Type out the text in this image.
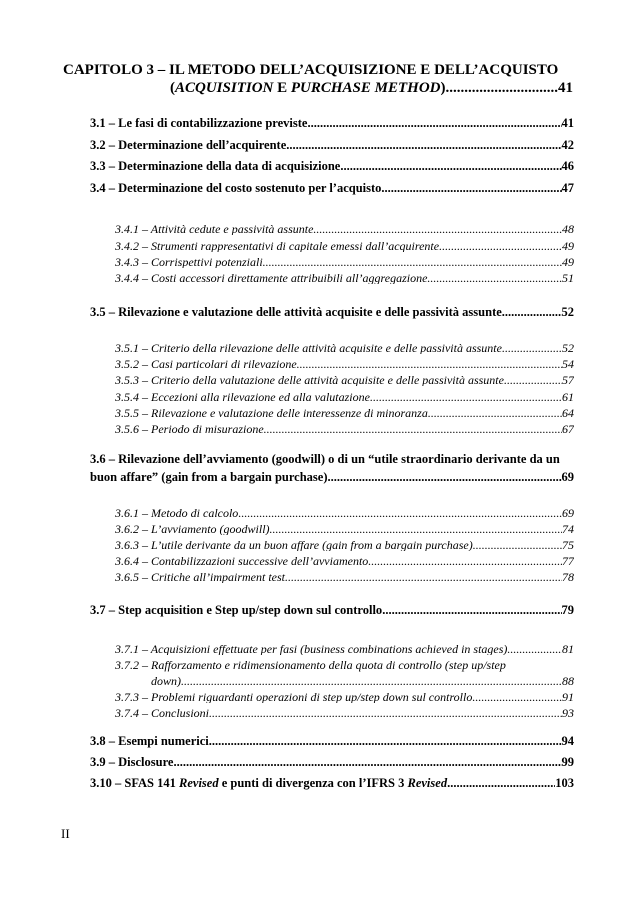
CAPITOLO 3 – IL METODO DELL’ACQUISIZIONE E DELL’ACQUISTO
(ACQUISITION E PURCHASE METHOD) .....	41
3.1 – Le fasi di contabilizzazione previste .....	41
3.2 – Determinazione dell’acquirente .....	42
3.3 – Determinazione della data di acquisizione .....	46
3.4 – Determinazione del costo sostenuto per l’acquisto .....	47
3.4.1 – Attività cedute e passività assunte .....	48
3.4.2 – Strumenti rappresentativi di capitale emessi dall’acquirente .....	49
3.4.3 – Corrispettivi potenziali .....	49
3.4.4 – Costi accessori direttamente attribuibili all’aggregazione .....	51
3.5 – Rilevazione e valutazione delle attività acquisite e delle passività assunte .....	52
3.5.1 – Criterio della rilevazione delle attività acquisite e delle passività assunte .....	52
3.5.2 – Casi particolari di rilevazione .....	54
3.5.3 – Criterio della valutazione delle attività acquisite e delle passività assunte .....	57
3.5.4 – Eccezioni alla rilevazione ed alla valutazione .....	61
3.5.5 – Rilevazione e valutazione delle interessenze di minoranza .....	64
3.5.6 – Periodo di misurazione .....	67
3.6 – Rilevazione dell’avviamento (goodwill) o di un “utile straordinario derivante da un
buon affare” (gain from a bargain purchase) .....	69
3.6.1 – Metodo di calcolo .....	69
3.6.2 – L’avviamento (goodwill) .....	74
3.6.3 – L’utile derivante da un buon affare (gain from a bargain purchase) .....	75
3.6.4 – Contabilizzazioni successive dell’avviamento .....	77
3.6.5 – Critiche all’impairment test .....	78
3.7 – Step acquisition e Step up/step down sul controllo .....	79
3.7.1 – Acquisizioni effettuate per fasi (business combinations achieved in stages) .....	81
3.7.2 – Rafforzamento e ridimensionamento della quota di controllo (step up/step
down) .....	88
3.7.3 – Problemi riguardanti operazioni di step up/step down sul controllo .....	91
3.7.4 – Conclusioni .....	93
3.8 – Esempi numerici .....	94
3.9 – Disclosure .....	99
3.10 – SFAS 141 Revised e punti di divergenza con l’IFRS 3 Revised .....	103
II
